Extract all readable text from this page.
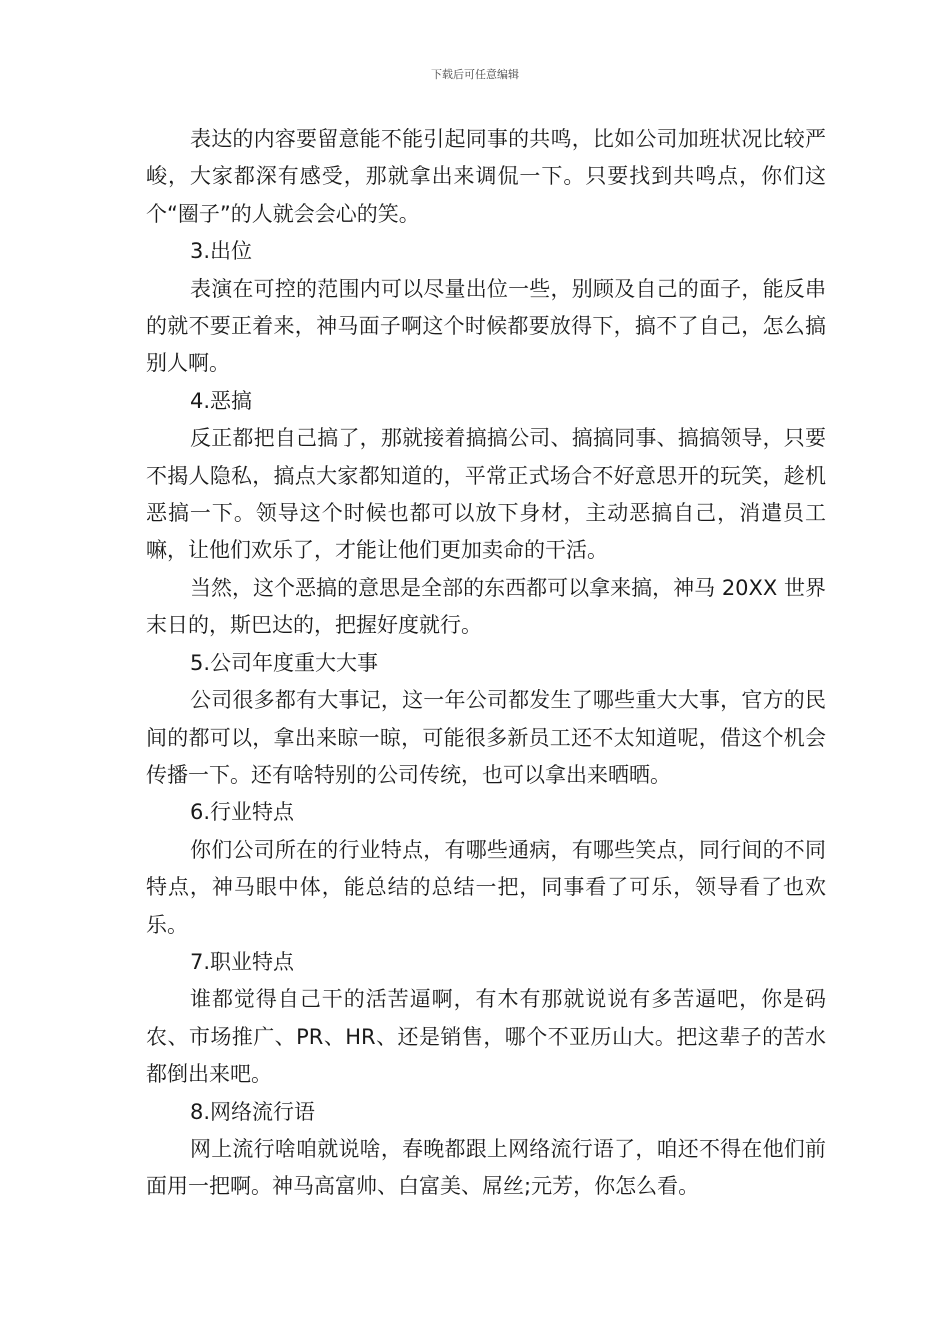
下载后可任意编辑

表达的内容要留意能不能引起同事的共鸣，比如公司加班状况比较严峻，大家都深有感受，那就拿出来调侃一下。只要找到共鸣点，你们这个“圈子”的人就会会心的笑。

3.出位

表演在可控的范围内可以尽量出位一些，别顾及自己的面子，能反串的就不要正着来，神马面子啊这个时候都要放得下，搞不了自己，怎么搞别人啊。

4.恶搞

反正都把自己搞了，那就接着搞搞公司、搞搞同事、搞搞领导，只要不揭人隐私，搞点大家都知道的，平常正式场合不好意思开的玩笑，趁机恶搞一下。领导这个时候也都可以放下身材，主动恶搞自己，消遣员工嘛，让他们欢乐了，才能让他们更加卖命的干活。

当然，这个恶搞的意思是全部的东西都可以拿来搞，神马 20XX 世界末日的，斯巴达的，把握好度就行。

5.公司年度重大大事

公司很多都有大事记，这一年公司都发生了哪些重大大事，官方的民间的都可以，拿出来晾一晾，可能很多新员工还不太知道呢，借这个机会传播一下。还有啥特别的公司传统，也可以拿出来晒晒。

6.行业特点

你们公司所在的行业特点，有哪些通病，有哪些笑点，同行间的不同特点，神马眼中体，能总结的总结一把，同事看了可乐，领导看了也欢乐。

7.职业特点

谁都觉得自己干的活苦逼啊，有木有那就说说有多苦逼吧，你是码农、市场推广、PR、HR、还是销售，哪个不亚历山大。把这辈子的苦水都倒出来吧。

8.网络流行语

网上流行啥咱就说啥，春晚都跟上网络流行语了，咱还不得在他们前面用一把啊。神马高富帅、白富美、屌丝;元芳，你怎么看。
